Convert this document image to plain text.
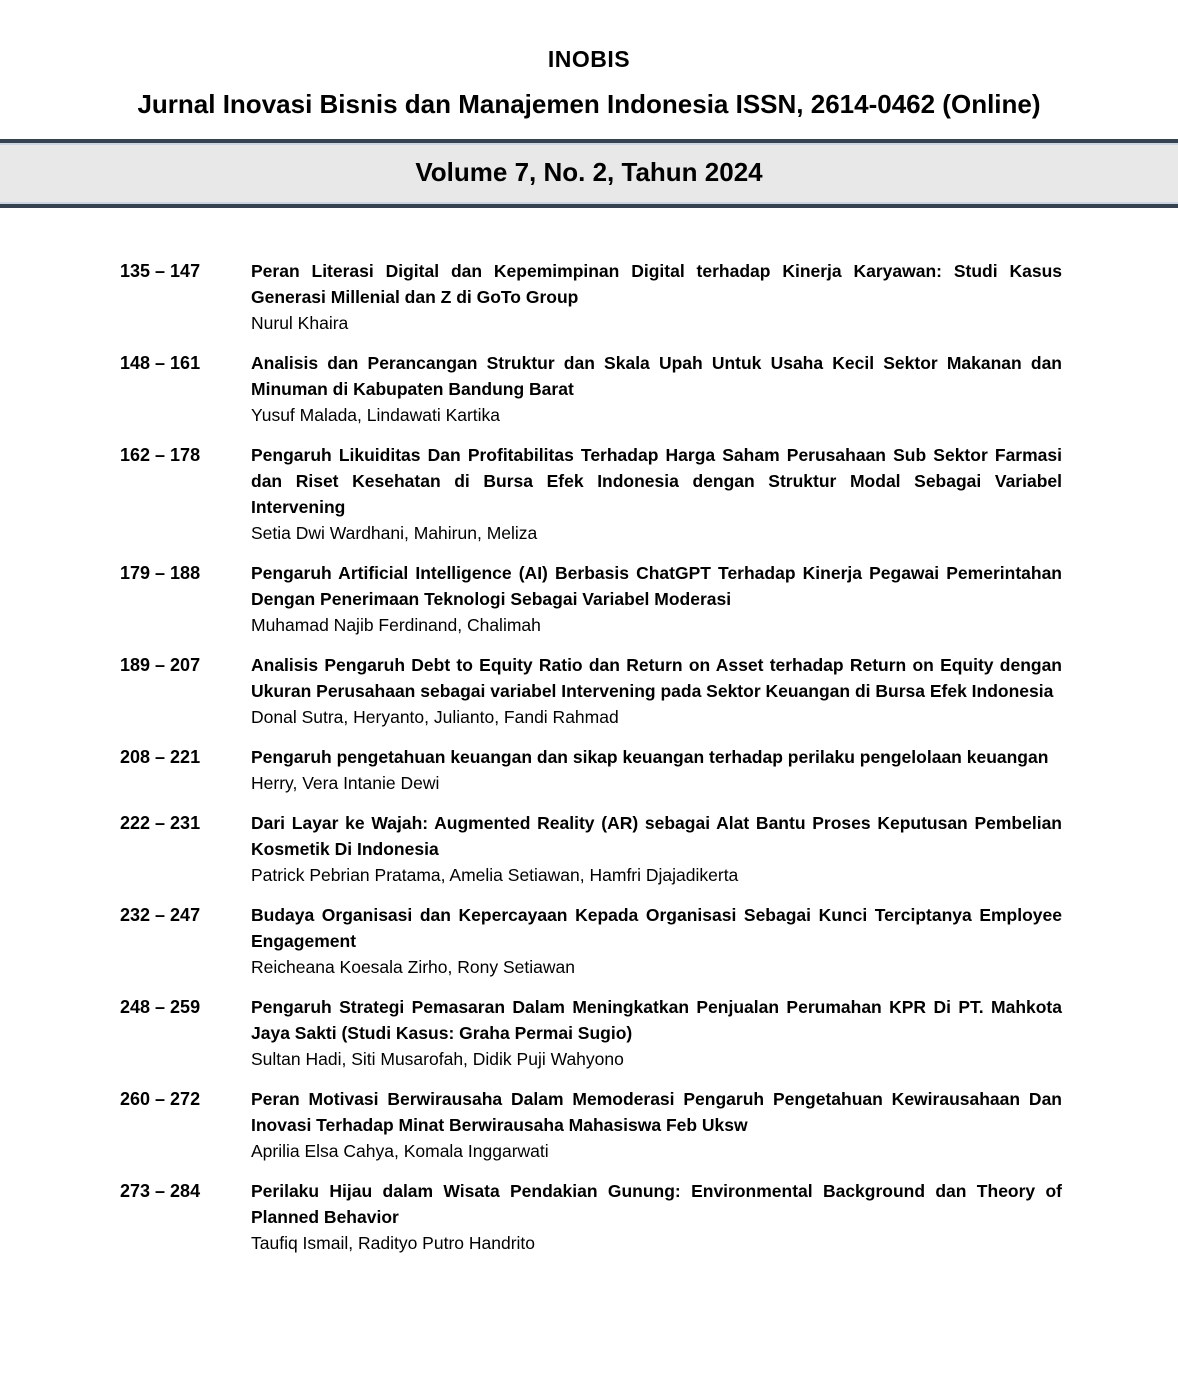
INOBIS
Jurnal Inovasi Bisnis dan Manajemen Indonesia ISSN, 2614-0462 (Online)
Volume 7, No. 2, Tahun 2024
135 – 147	Peran Literasi Digital dan Kepemimpinan Digital terhadap Kinerja Karyawan: Studi Kasus Generasi Millenial dan Z di GoTo Group
Nurul Khaira
148 – 161	Analisis dan Perancangan Struktur dan Skala Upah Untuk Usaha Kecil Sektor Makanan dan Minuman di Kabupaten Bandung Barat
Yusuf Malada, Lindawati Kartika
162 – 178	Pengaruh Likuiditas Dan Profitabilitas Terhadap Harga Saham Perusahaan Sub Sektor Farmasi dan Riset Kesehatan di Bursa Efek Indonesia dengan Struktur Modal Sebagai Variabel Intervening
Setia Dwi Wardhani, Mahirun, Meliza
179 – 188	Pengaruh Artificial Intelligence (AI) Berbasis ChatGPT Terhadap Kinerja Pegawai Pemerintahan Dengan Penerimaan Teknologi Sebagai Variabel Moderasi
Muhamad Najib Ferdinand, Chalimah
189 – 207	Analisis Pengaruh Debt to Equity Ratio dan Return on Asset terhadap Return on Equity dengan Ukuran Perusahaan sebagai variabel Intervening pada Sektor Keuangan di Bursa Efek Indonesia
Donal Sutra, Heryanto, Julianto, Fandi Rahmad
208 – 221	Pengaruh pengetahuan keuangan dan sikap keuangan terhadap perilaku pengelolaan keuangan
Herry, Vera Intanie Dewi
222 – 231	Dari Layar ke Wajah: Augmented Reality (AR) sebagai Alat Bantu Proses Keputusan Pembelian Kosmetik Di Indonesia
Patrick Pebrian Pratama, Amelia Setiawan, Hamfri Djajadikerta
232 – 247	Budaya Organisasi dan Kepercayaan Kepada Organisasi Sebagai Kunci Terciptanya Employee Engagement
Reicheana Koesala Zirho, Rony Setiawan
248 – 259	Pengaruh Strategi Pemasaran Dalam Meningkatkan Penjualan Perumahan KPR Di PT. Mahkota Jaya Sakti (Studi Kasus: Graha Permai Sugio)
Sultan Hadi, Siti Musarofah, Didik Puji Wahyono
260 – 272	Peran Motivasi Berwirausaha Dalam Memoderasi Pengaruh Pengetahuan Kewirausahaan Dan Inovasi Terhadap Minat Berwirausaha Mahasiswa Feb Uksw
Aprilia Elsa Cahya, Komala Inggarwati
273 – 284	Perilaku Hijau dalam Wisata Pendakian Gunung: Environmental Background dan Theory of Planned Behavior
Taufiq Ismail, Radityo Putro Handrito
